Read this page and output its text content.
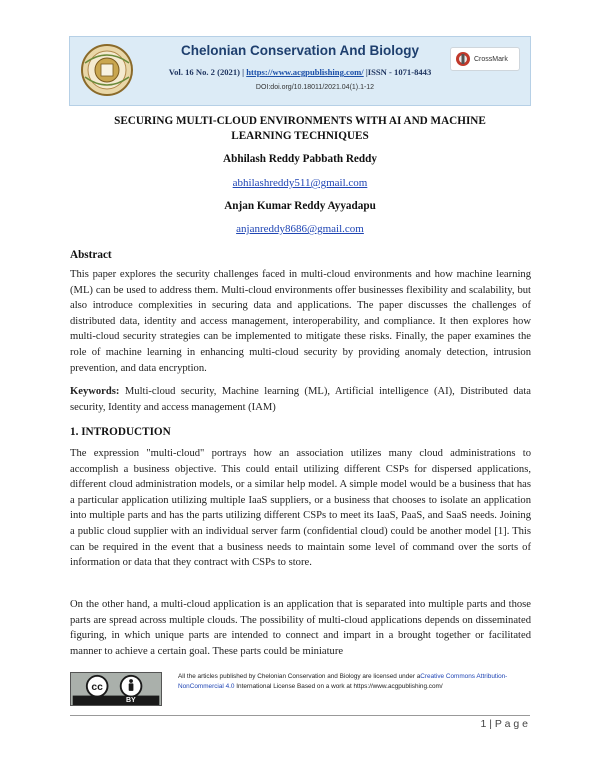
Chelonian Conservation And Biology
Vol. 16 No. 2 (2021) | https://www.acgpublishing.com/ |ISSN - 1071-8443
DOI:doi.org/10.18011/2021.04(1).1-12
CrossMark
SECURING MULTI-CLOUD ENVIRONMENTS WITH AI AND MACHINE
LEARNING TECHNIQUES
Abhilash Reddy Pabbath Reddy
abhilashreddy511@gmail.com
Anjan Kumar Reddy Ayyadapu
anjanreddy8686@gmail.com
Abstract

This paper explores the security challenges faced in multi-cloud environments and how machine learning (ML) can be used to address them. Multi-cloud environments offer businesses flexibility and scalability, but also introduce complexities in securing data and applications. The paper discusses the challenges of distributed data, identity and access management, interoperability, and compliance. It then explores how multi-cloud security strategies can be implemented to mitigate these risks. Finally, the paper examines the role of machine learning in enhancing multi-cloud security by providing anomaly detection, intrusion prevention, and data encryption.

Keywords: Multi-cloud security, Machine learning (ML), Artificial intelligence (AI), Distributed data security, Identity and access management (IAM)

1. INTRODUCTION

The expression "multi-cloud" portrays how an association utilizes many cloud administrations to accomplish a business objective. This could entail utilizing different CSPs for dispersed applications, different cloud administration models, or a similar help model. A simple model would be a business that has a particular application utilizing multiple IaaS suppliers, or a business that chooses to isolate an application into multiple parts and has the parts utilizing different CSPs to meet its IaaS, PaaS, and SaaS needs. Joining a public cloud supplier with an individual server farm (confidential cloud) could be another model [1]. This can be required in the event that a business needs to maintain some level of command over the sorts of information or data that they contract with CSPs to store.

On the other hand, a multi-cloud application is an application that is separated into multiple parts and those parts are spread across multiple clouds. The possibility of multi-cloud applications depends on disseminated figuring, in which unique parts are intended to connect and impart in a brought together or facilitated manner to achieve a certain goal. These parts could be miniature

cc
BY
All the articles published by Chelonian Conservation and Biology are licensed under aCreative Commons Attribution-NonCommercial 4.0 International License Based on a work at https://www.acgpublishing.com/
1 | P a g e
